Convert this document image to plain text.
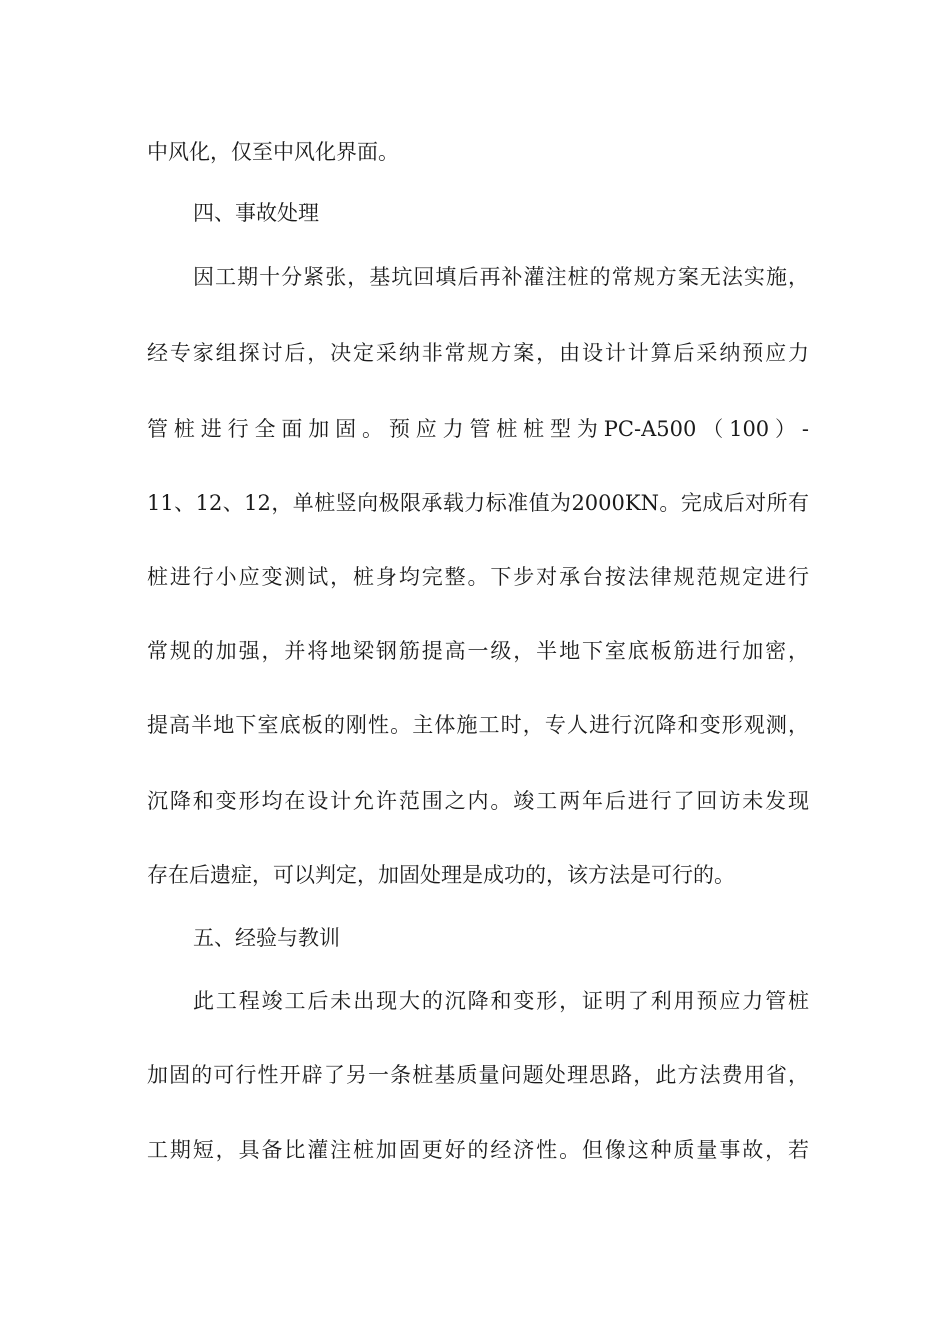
中风化，仅至中风化界面。
四、事故处理
因工期十分紧张，基坑回填后再补灌注桩的常规方案无法实施，
经专家组探讨后，决定采纳非常规方案，由设计计算后采纳预应力
管桩进行全面加固。预应力管桩桩型为PC-A500（100）-
11、12、12，单桩竖向极限承载力标准值为2000KN。完成后对所有
桩进行小应变测试，桩身均完整。下步对承台按法律规范规定进行
常规的加强，并将地梁钢筋提高一级，半地下室底板筋进行加密，
提高半地下室底板的刚性。主体施工时，专人进行沉降和变形观测，
沉降和变形均在设计允许范围之内。竣工两年后进行了回访未发现
存在后遗症，可以判定，加固处理是成功的，该方法是可行的。
五、经验与教训
此工程竣工后未出现大的沉降和变形，证明了利用预应力管桩
加固的可行性开辟了另一条桩基质量问题处理思路，此方法费用省，
工期短，具备比灌注桩加固更好的经济性。但像这种质量事故，若
